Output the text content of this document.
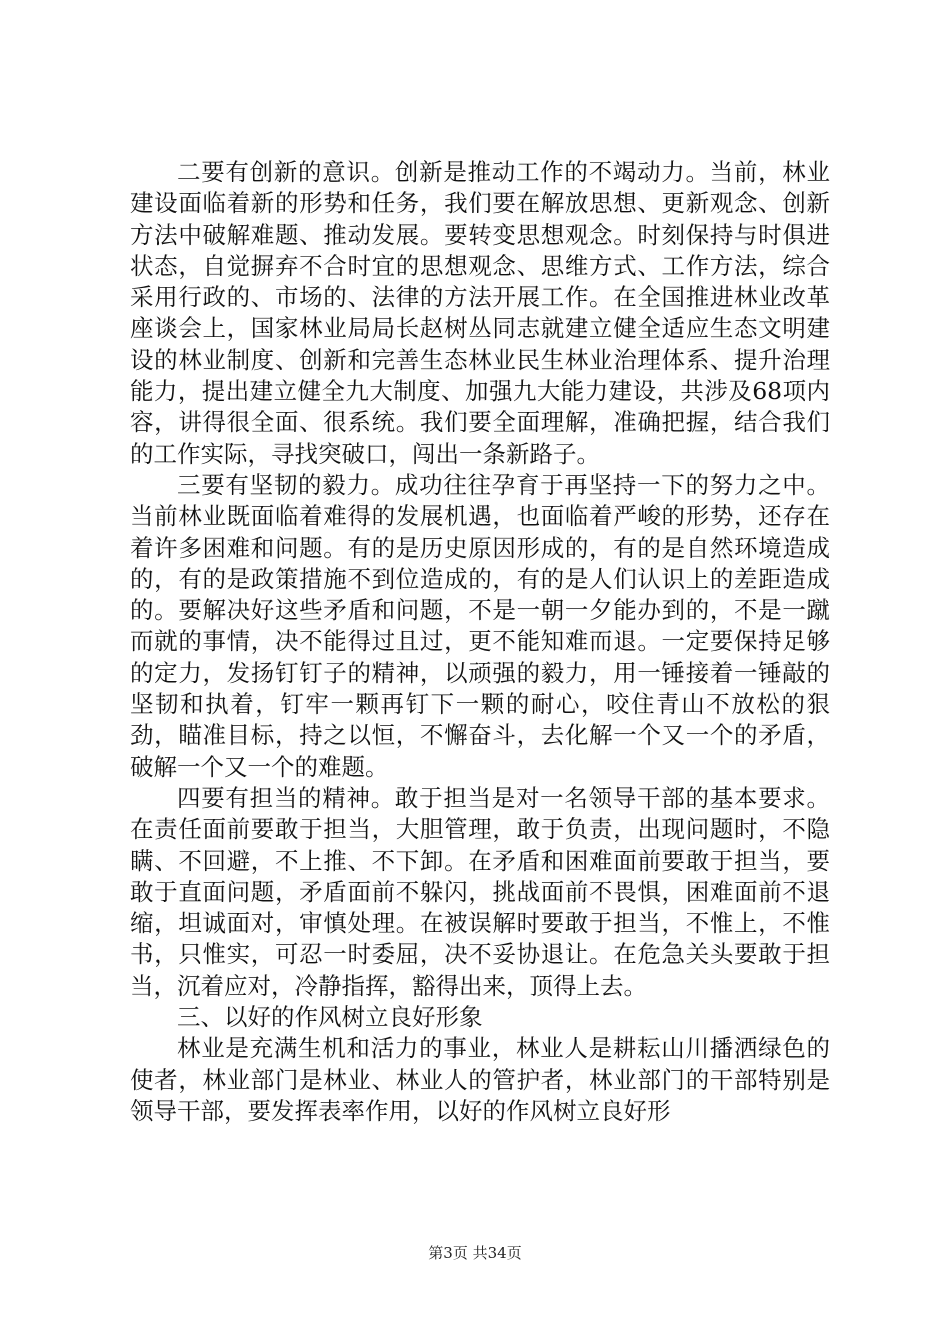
二要有创新的意识。创新是推动工作的不竭动力。当前，林业建设面临着新的形势和任务，我们要在解放思想、更新观念、创新方法中破解难题、推动发展。要转变思想观念。时刻保持与时俱进状态，自觉摒弃不合时宜的思想观念、思维方式、工作方法，综合采用行政的、市场的、法律的方法开展工作。在全国推进林业改革座谈会上，国家林业局局长赵树丛同志就建立健全适应生态文明建设的林业制度、创新和完善生态林业民生林业治理体系、提升治理能力，提出建立健全九大制度、加强九大能力建设，共涉及68项内容，讲得很全面、很系统。我们要全面理解，准确把握，结合我们的工作实际，寻找突破口，闯出一条新路子。

三要有坚韧的毅力。成功往往孕育于再坚持一下的努力之中。当前林业既面临着难得的发展机遇，也面临着严峻的形势，还存在着许多困难和问题。有的是历史原因形成的，有的是自然环境造成的，有的是政策措施不到位造成的，有的是人们认识上的差距造成的。要解决好这些矛盾和问题，不是一朝一夕能办到的，不是一蹴而就的事情，决不能得过且过，更不能知难而退。一定要保持足够的定力，发扬钉钉子的精神，以顽强的毅力，用一锤接着一锤敲的坚韧和执着，钉牢一颗再钉下一颗的耐心，咬住青山不放松的狠劲，瞄准目标，持之以恒，不懈奋斗，去化解一个又一个的矛盾，破解一个又一个的难题。

四要有担当的精神。敢于担当是对一名领导干部的基本要求。在责任面前要敢于担当，大胆管理，敢于负责，出现问题时，不隐瞒、不回避，不上推、不下卸。在矛盾和困难面前要敢于担当，要敢于直面问题，矛盾面前不躲闪，挑战面前不畏惧，困难面前不退缩，坦诚面对，审慎处理。在被误解时要敢于担当，不惟上，不惟书，只惟实，可忍一时委屈，决不妥协退让。在危急关头要敢于担当，沉着应对，冷静指挥，豁得出来，顶得上去。

三、以好的作风树立良好形象

林业是充满生机和活力的事业，林业人是耕耘山川播洒绿色的使者，林业部门是林业、林业人的管护者，林业部门的干部特别是领导干部，要发挥表率作用，以好的作风树立良好形

第3页 共34页
